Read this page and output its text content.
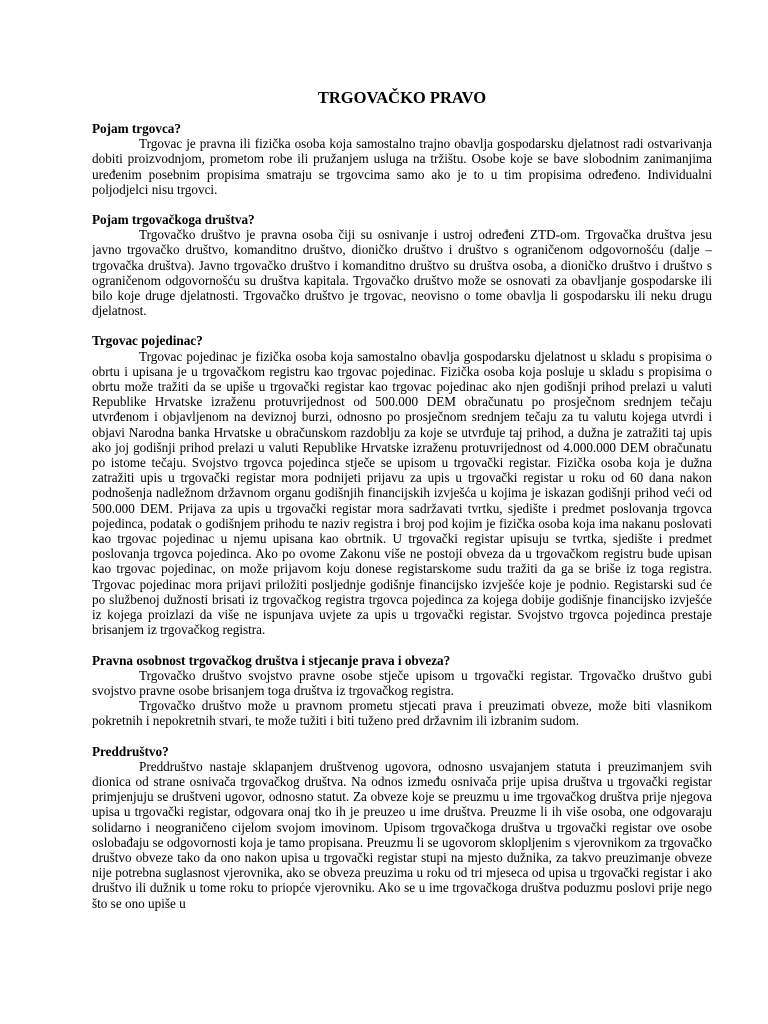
TRGOVAČKO PRAVO

Pojam trgovca?

Trgovac je pravna ili fizička osoba koja samostalno trajno obavlja gospodarsku djelatnost radi ostvarivanja dobiti proizvodnjom, prometom robe ili pružanjem usluga na tržištu. Osobe koje se bave slobodnim zanimanjima uređenim posebnim propisima smatraju se trgovcima samo ako je to u tim propisima određeno. Individualni poljodjelci nisu trgovci.

Pojam trgovačkoga društva?

Trgovačko društvo je pravna osoba čiji su osnivanje i ustroj određeni ZTD-om. Trgovačka društva jesu javno trgovačko društvo, komanditno društvo, dioničko društvo i društvo s ograničenom odgovornošću (dalje – trgovačka društva). Javno trgovačko društvo i komanditno društvo su društva osoba, a dioničko društvo i društvo s ograničenom odgovornošću su društva kapitala. Trgovačko društvo može se osnovati za obavljanje gospodarske ili bilo koje druge djelatnosti. Trgovačko društvo je trgovac, neovisno o tome obavlja li gospodarsku ili neku drugu djelatnost.

Trgovac pojedinac?

Trgovac pojedinac je fizička osoba koja samostalno obavlja gospodarsku djelatnost u skladu s propisima o obrtu i upisana je u trgovačkom registru kao trgovac pojedinac. Fizička osoba koja posluje u skladu s propisima o obrtu može tražiti da se upiše u trgovački registar kao trgovac pojedinac ako njen godišnji prihod prelazi u valuti Republike Hrvatske izraženu protuvrijednost od 500.000 DEM obračunatu po prosječnom srednjem tečaju utvrđenom i objavljenom na deviznoj burzi, odnosno po prosječnom srednjem tečaju za tu valutu kojega utvrdi i objavi Narodna banka Hrvatske u obračunskom razdoblju za koje se utvrđuje taj prihod, a dužna je zatražiti taj upis ako joj godišnji prihod prelazi u valuti Republike Hrvatske izraženu protuvrijednost od 4.000.000 DEM obračunatu po istome tečaju. Svojstvo trgovca pojedinca stječe se upisom u trgovački registar. Fizička osoba koja je dužna zatražiti upis u trgovački registar mora podnijeti prijavu za upis u trgovački registar u roku od 60 dana nakon podnošenja nadležnom državnom organu godišnjih financijskih izvješća u kojima je iskazan godišnji prihod veći od 500.000 DEM. Prijava za upis u trgovački registar mora sadržavati tvrtku, sjedište i predmet poslovanja trgovca pojedinca, podatak o godišnjem prihodu te naziv registra i broj pod kojim je fizička osoba koja ima nakanu poslovati kao trgovac pojedinac u njemu upisana kao obrtnik. U trgovački registar upisuju se tvrtka, sjedište i predmet poslovanja trgovca pojedinca. Ako po ovome Zakonu više ne postoji obveza da u trgovačkom registru bude upisan kao trgovac pojedinac, on može prijavom koju donese registarskome sudu tražiti da ga se briše iz toga registra. Trgovac pojedinac mora prijavi priložiti posljednje godišnje financijsko izvješće koje je podnio. Registarski sud će po službenoj dužnosti brisati iz trgovačkog registra trgovca pojedinca za kojega dobije godišnje financijsko izvješće iz kojega proizlazi da više ne ispunjava uvjete za upis u trgovački registar. Svojstvo trgovca pojedinca prestaje brisanjem iz trgovačkog registra.

Pravna osobnost trgovačkog društva i stjecanje prava i obveza?

Trgovačko društvo svojstvo pravne osobe stječe upisom u trgovački registar. Trgovačko društvo gubi svojstvo pravne osobe brisanjem toga društva iz trgovačkog registra.

Trgovačko društvo može u pravnom prometu stjecati prava i preuzimati obveze, može biti vlasnikom pokretnih i nepokretnih stvari, te može tužiti i biti tuženo pred državnim ili izbranim sudom.

Preddruštvo?

Preddruštvo nastaje sklapanjem društvenog ugovora, odnosno usvajanjem statuta i preuzimanjem svih dionica od strane osnivača trgovačkog društva. Na odnos između osnivača prije upisa društva u trgovački registar primjenjuju se društveni ugovor, odnosno statut. Za obveze koje se preuzmu u ime trgovačkog društva prije njegova upisa u trgovački registar, odgovara onaj tko ih je preuzeo u ime društva. Preuzme li ih više osoba, one odgovaraju solidarno i neograničeno cijelom svojom imovinom. Upisom trgovačkoga društva u trgovački registar ove osobe oslobađaju se odgovornosti koja je tamo propisana. Preuzmu li se ugovorom sklopljenim s vjerovnikom za trgovačko društvo obveze tako da ono nakon upisa u trgovački registar stupi na mjesto dužnika, za takvo preuzimanje obveze nije potrebna suglasnost vjerovnika, ako se obveza preuzima u roku od tri mjeseca od upisa u trgovački registar i ako društvo ili dužnik u tome roku to priopće vjerovniku. Ako se u ime trgovačkoga društva poduzmu poslovi prije nego što se ono upiše u
